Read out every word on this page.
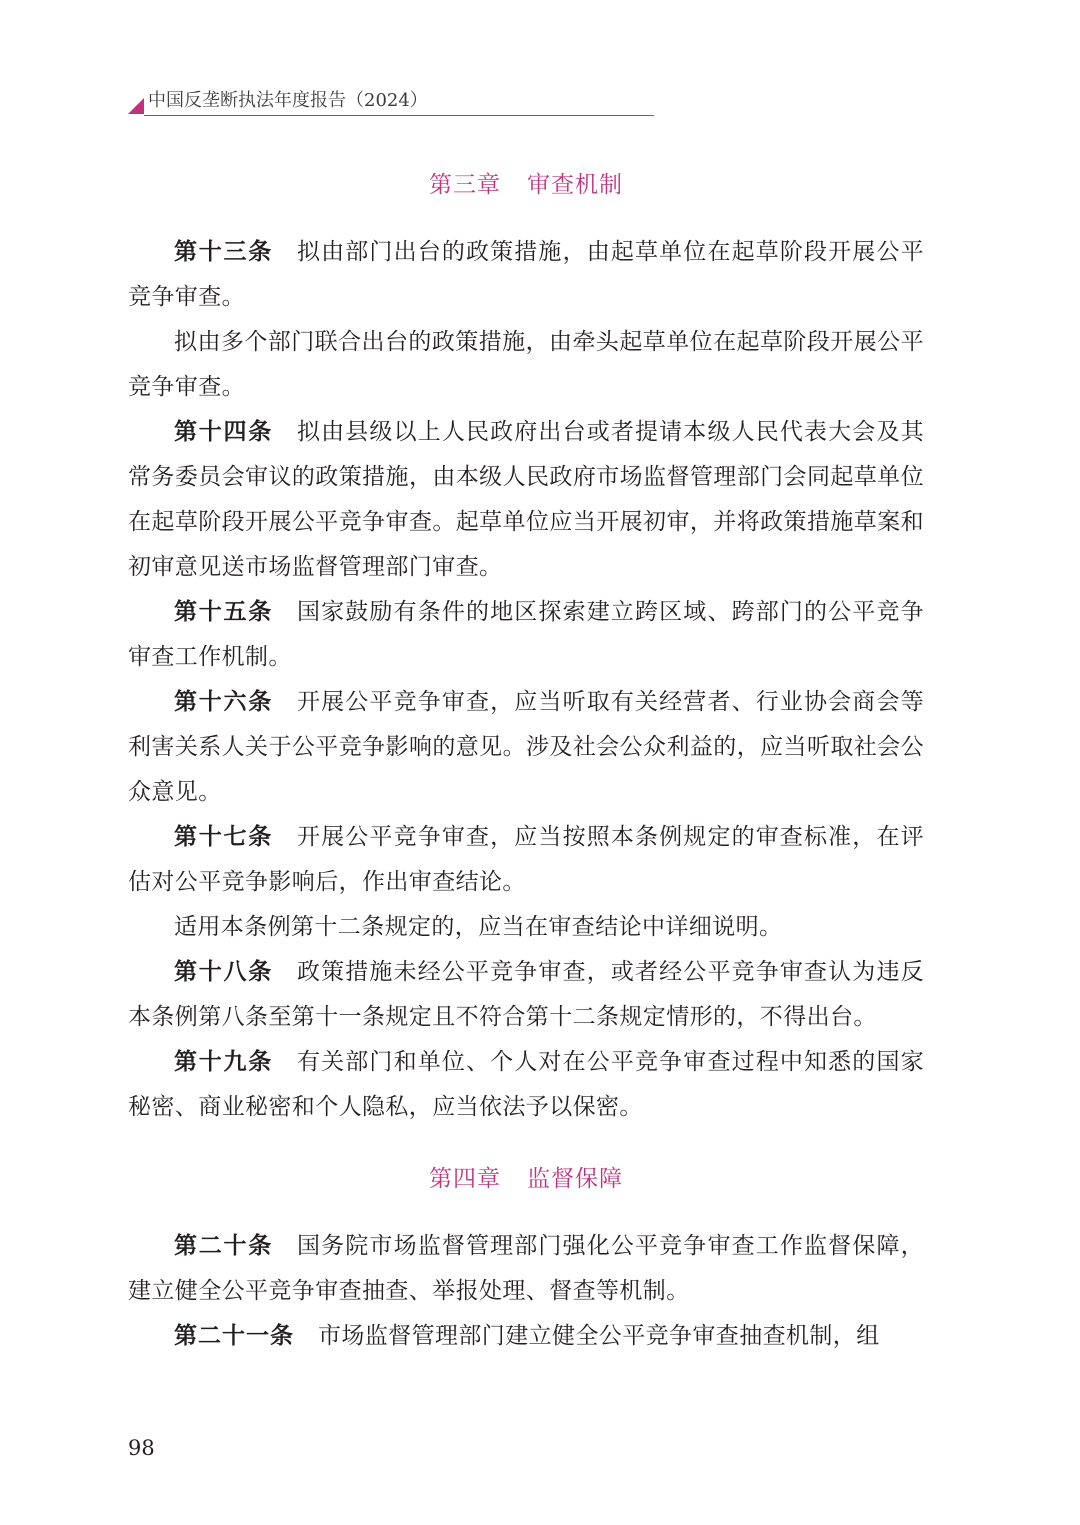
中国反垄断执法年度报告（2024）
第三章 审查机制

第十三条 拟由部门出台的政策措施，由起草单位在起草阶段开展公平竞争审查。

拟由多个部门联合出台的政策措施，由牵头起草单位在起草阶段开展公平竞争审查。

第十四条 拟由县级以上人民政府出台或者提请本级人民代表大会及其常务委员会审议的政策措施，由本级人民政府市场监督管理部门会同起草单位在起草阶段开展公平竞争审查。起草单位应当开展初审，并将政策措施草案和初审意见送市场监督管理部门审查。

第十五条 国家鼓励有条件的地区探索建立跨区域、跨部门的公平竞争审查工作机制。

第十六条 开展公平竞争审查，应当听取有关经营者、行业协会商会等利害关系人关于公平竞争影响的意见。涉及社会公众利益的，应当听取社会公众意见。

第十七条 开展公平竞争审查，应当按照本条例规定的审查标准，在评估对公平竞争影响后，作出审查结论。

适用本条例第十二条规定的，应当在审查结论中详细说明。

第十八条 政策措施未经公平竞争审查，或者经公平竞争审查认为违反本条例第八条至第十一条规定且不符合第十二条规定情形的，不得出台。

第十九条 有关部门和单位、个人对在公平竞争审查过程中知悉的国家秘密、商业秘密和个人隐私，应当依法予以保密。

第四章 监督保障

第二十条 国务院市场监督管理部门强化公平竞争审查工作监督保障，建立健全公平竞争审查抽查、举报处理、督查等机制。

第二十一条 市场监督管理部门建立健全公平竞争审查抽查机制，组

98
